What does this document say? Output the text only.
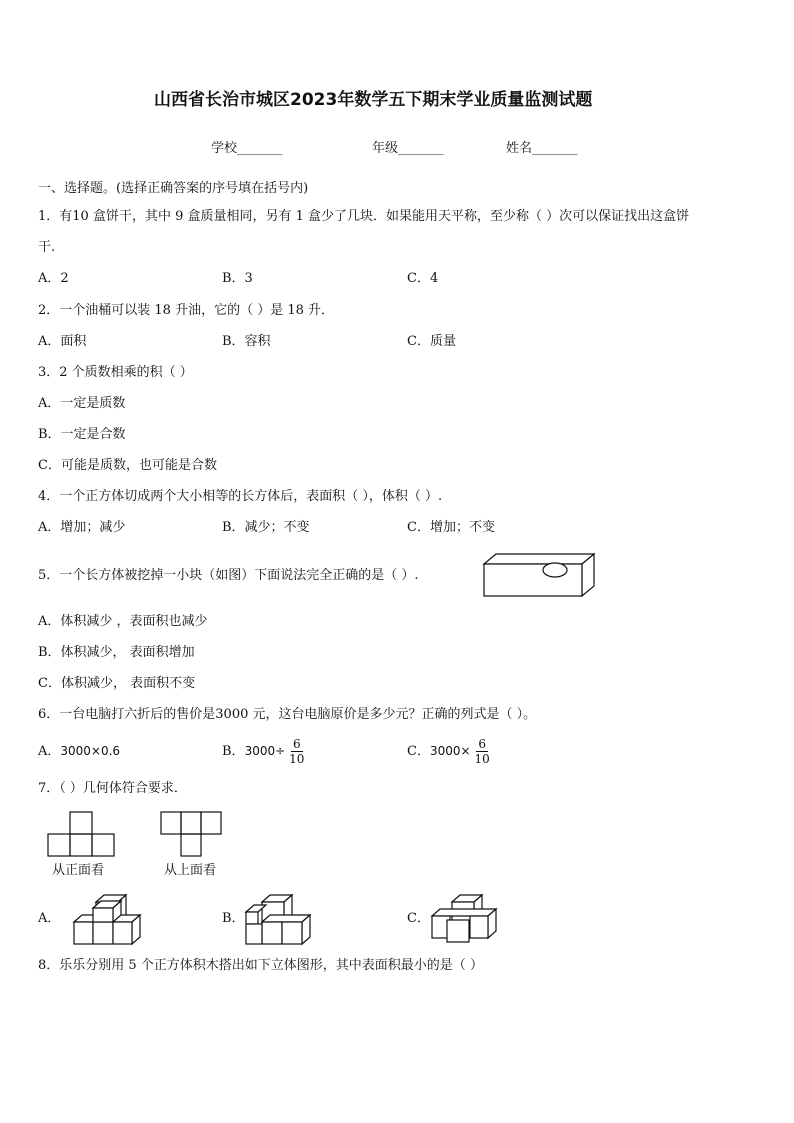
山西省长治市城区2023年数学五下期末学业质量监测试题
学校_______	年级_______	姓名_______
一、选择题。(选择正确答案的序号填在括号内)
1．有10 盒饼干，其中 9 盒质量相同，另有 1 盒少了几块．如果能用天平称，至少称（ ）次可以保证找出这盒饼
干.
A．2	B．3	C．4
2．一个油桶可以装 18 升油，它的（ ）是 18 升．
A．面积	B．容积	C．质量
3．2 个质数相乘的积（ ）
A．一定是质数
B．一定是合数
C．可能是质数，也可能是合数
4．一个正方体切成两个大小相等的长方体后，表面积（ ），体积（ ）.
A．增加；减少	B．减少；不变	C．增加；不变
5．一个长方体被挖掉一小块（如图）下面说法完全正确的是（ ）.
A．体积减少 ，表面积也减少
B．体积减少， 表面积增加
C．体积减少， 表面积不变
6．一台电脑打六折后的售价是3000 元，这台电脑原价是多少元？正确的列式是（ ）。
A．3000×0.6	B．$3000\div \frac{6}{10}$	C．$3000\times \frac{6}{10}$
7．（ ）几何体符合要求．
从正面看	从上面看
A．	B．	C．
8．乐乐分别用 5 个正方体积木搭出如下立体图形，其中表面积最小的是（ ）
